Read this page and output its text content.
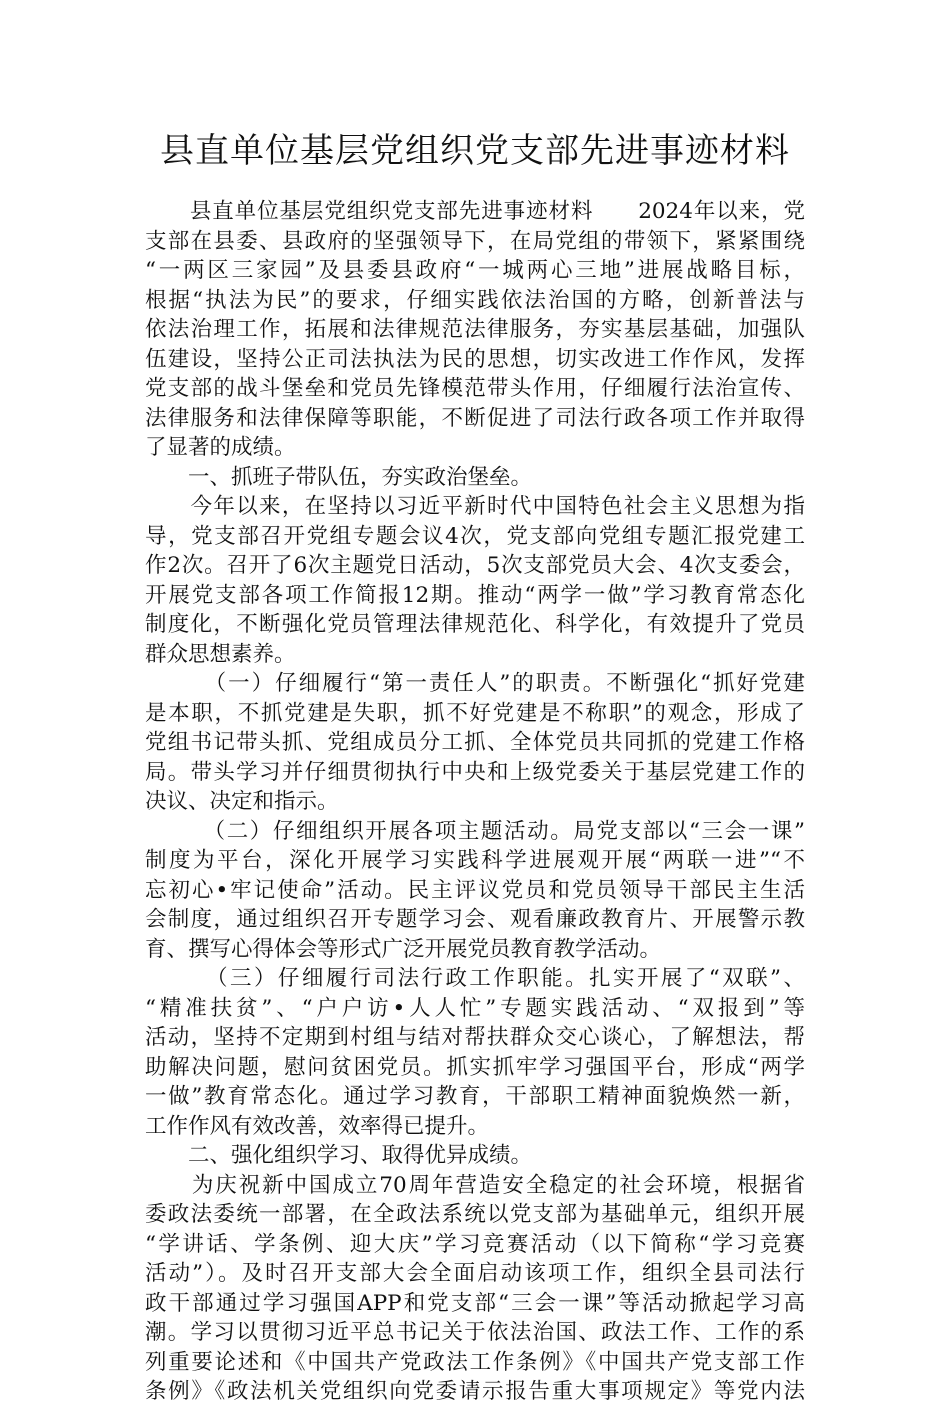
县直单位基层党组织党支部先进事迹材料
　　县直单位基层党组织党支部先进事迹材料　　2024年以来，党
支部在县委、县政府的坚强领导下，在局党组的带领下，紧紧围绕
“一两区三家园”及县委县政府“一城两心三地”进展战略目标，
根据“执法为民”的要求，仔细实践依法治国的方略，创新普法与
依法治理工作，拓展和法律规范法律服务，夯实基层基础，加强队
伍建设，坚持公正司法执法为民的思想，切实改进工作作风，发挥
党支部的战斗堡垒和党员先锋模范带头作用，仔细履行法治宣传、
法律服务和法律保障等职能，不断促进了司法行政各项工作并取得
了显著的成绩。
　　一、抓班子带队伍，夯实政治堡垒。
　　今年以来，在坚持以习近平新时代中国特色社会主义思想为指
导，党支部召开党组专题会议4次，党支部向党组专题汇报党建工
作2次。召开了6次主题党日活动，5次支部党员大会、4次支委会，
开展党支部各项工作简报12期。推动“两学一做”学习教育常态化
制度化，不断强化党员管理法律规范化、科学化，有效提升了党员
群众思想素养。
　　　（一）仔细履行“第一责任人”的职责。不断强化“抓好党建
是本职，不抓党建是失职，抓不好党建是不称职”的观念，形成了
党组书记带头抓、党组成员分工抓、全体党员共同抓的党建工作格
局。带头学习并仔细贯彻执行中央和上级党委关于基层党建工作的
决议、决定和指示。
　　　（二）仔细组织开展各项主题活动。局党支部以“三会一课”
制度为平台，深化开展学习实践科学进展观开展“两联一进”“不
忘初心•牢记使命”活动。民主评议党员和党员领导干部民主生活
会制度，通过组织召开专题学习会、观看廉政教育片、开展警示教
育、撰写心得体会等形式广泛开展党员教育教学活动。
　　　（三）仔细履行司法行政工作职能。扎实开展了“双联”、
“精准扶贫”、“户户访•人人忙”专题实践活动、“双报到”等
活动，坚持不定期到村组与结对帮扶群众交心谈心，了解想法，帮
助解决问题，慰问贫困党员。抓实抓牢学习强国平台，形成“两学
一做”教育常态化。通过学习教育，干部职工精神面貌焕然一新，
工作作风有效改善，效率得已提升。
　　二、强化组织学习、取得优异成绩。
　　为庆祝新中国成立70周年营造安全稳定的社会环境，根据省
委政法委统一部署，在全政法系统以党支部为基础单元，组织开展
“学讲话、学条例、迎大庆”学习竞赛活动（以下简称“学习竞赛
活动”）。及时召开支部大会全面启动该项工作，组织全县司法行
政干部通过学习强国APP和党支部“三会一课”等活动掀起学习高
潮。学习以贯彻习近平总书记关于依法治国、政法工作、工作的系
列重要论述和《中国共产党政法工作条例》《中国共产党支部工作
条例》《政法机关党组织向党委请示报告重大事项规定》等党内法
